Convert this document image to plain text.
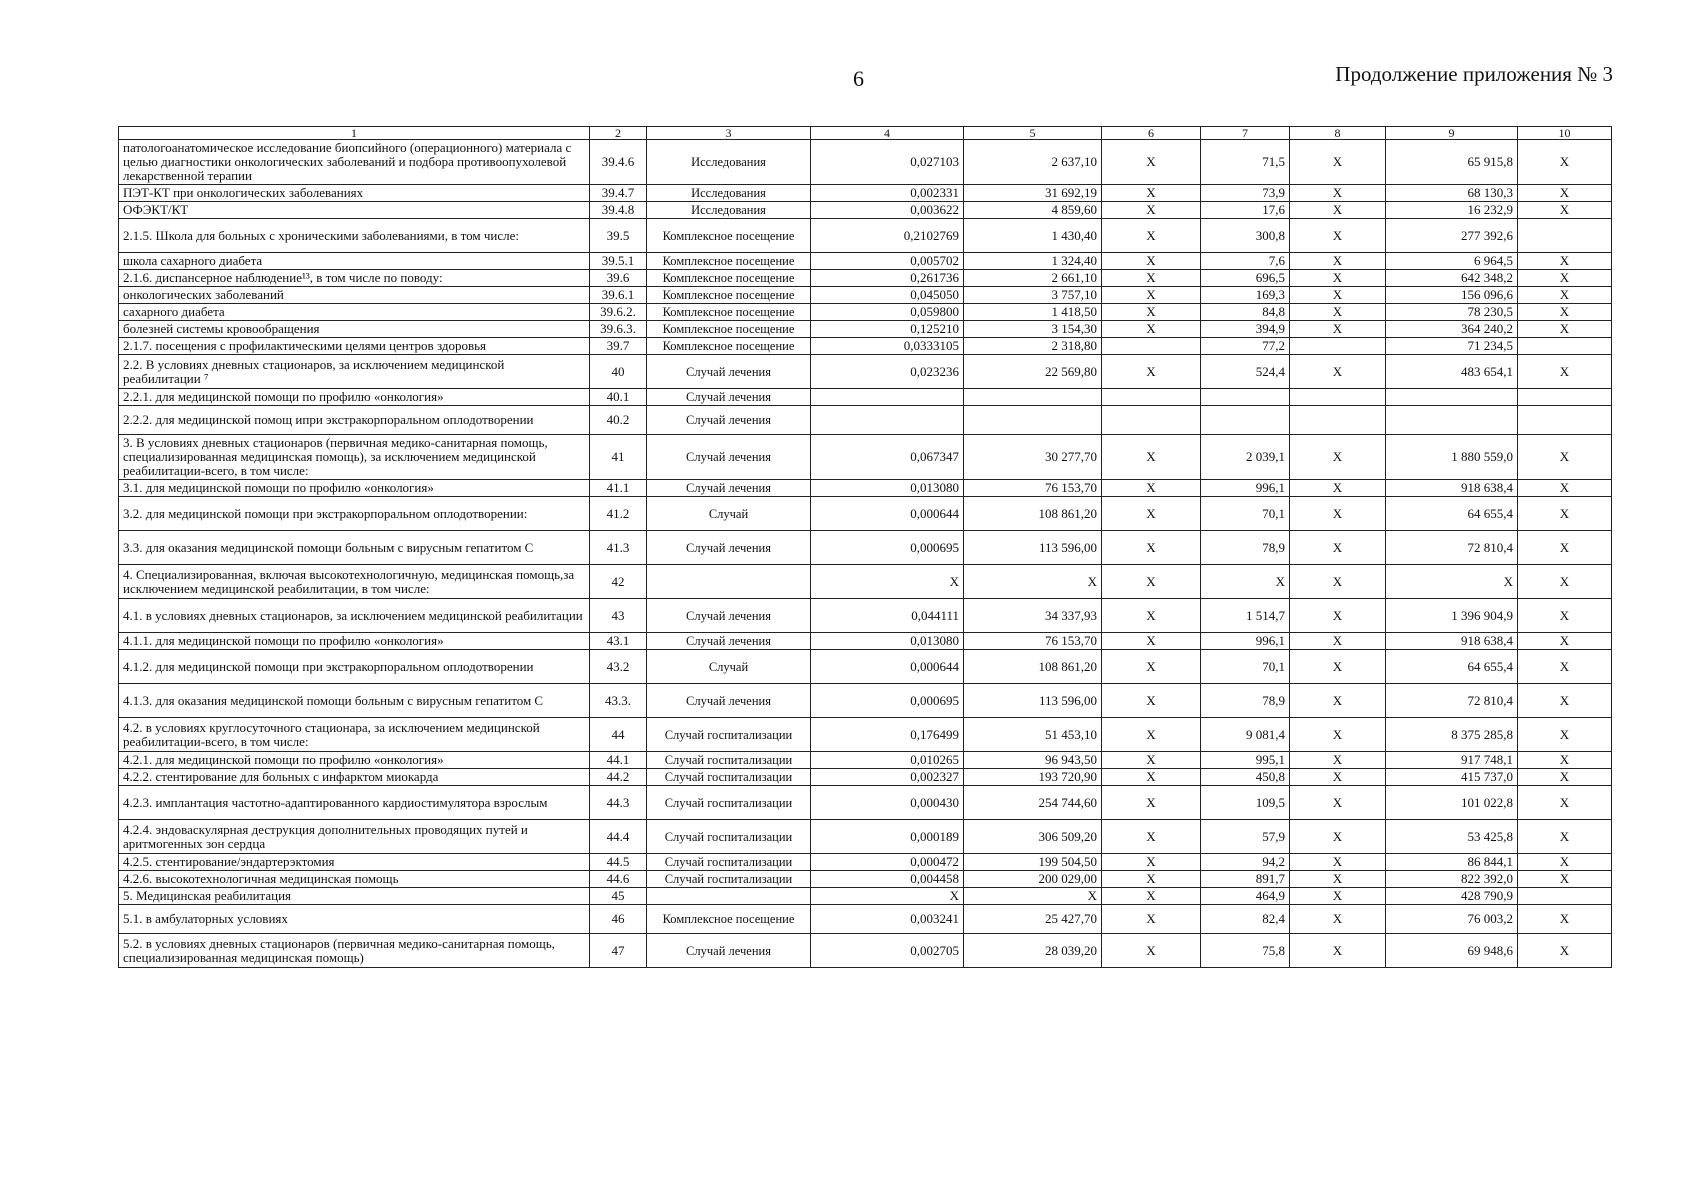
6	Продолжение приложения № 3
1	2	3	4	5	6	7	8	9	10
патологоанатомическое исследование биопсийного (операционного) материала с целью диагностики онкологических заболеваний и подбора противоопухолевой лекарственной терапии	39.4.6	Исследования	0,027103	2 637,10	X	71,5	X	65 915,8	X
ПЭТ-КТ при онкологических заболеваниях	39.4.7	Исследования	0,002331	31 692,19	X	73,9	X	68 130,3	X
ОФЭКТ/КТ	39.4.8	Исследования	0,003622	4 859,60	X	17,6	X	16 232,9	X
2.1.5. Школа для больных с хроническими заболеваниями, в том числе:	39.5	Комплексное посещение	0,2102769	1 430,40	X	300,8	X	277 392,6	
школа сахарного диабета	39.5.1	Комплексное посещение	0,005702	1 324,40	X	7,6	X	6 964,5	X
2.1.6. диспансерное наблюдение¹³, в том числе по поводу:	39.6	Комплексное посещение	0,261736	2 661,10	X	696,5	X	642 348,2	X
онкологических заболеваний	39.6.1	Комплексное посещение	0,045050	3 757,10	X	169,3	X	156 096,6	X
сахарного диабета	39.6.2.	Комплексное посещение	0,059800	1 418,50	X	84,8	X	78 230,5	X
болезней системы кровообращения	39.6.3.	Комплексное посещение	0,125210	3 154,30	X	394,9	X	364 240,2	X
2.1.7. посещения с профилактическими целями центров здоровья	39.7	Комплексное посещение	0,0333105	2 318,80		77,2		71 234,5	
2.2. В условиях дневных стационаров, за исключением медицинской реабилитации ⁷	40	Случай лечения	0,023236	22 569,80	X	524,4	X	483 654,1	X
2.2.1. для медицинской помощи по профилю «онкология»	40.1	Случай лечения							
2.2.2. для медицинской помощ ипри экстракорпоральном оплодотворении	40.2	Случай лечения							
3. В условиях дневных стационаров (первичная медико-санитарная помощь, специализированная медицинская помощь), за исключением медицинской реабилитации-всего, в том числе:	41	Случай лечения	0,067347	30 277,70	X	2 039,1	X	1 880 559,0	X
3.1. для медицинской помощи по профилю «онкология»	41.1	Случай лечения	0,013080	76 153,70	X	996,1	X	918 638,4	X
3.2. для медицинской помощи при экстракорпоральном оплодотворении:	41.2	Случай	0,000644	108 861,20	X	70,1	X	64 655,4	X
3.3. для оказания медицинской помощи больным с вирусным гепатитом С	41.3	Случай лечения	0,000695	113 596,00	X	78,9	X	72 810,4	X
4. Специализированная, включая высокотехнологичную, медицинская помощь,за исключением медицинской реабилитации, в том числе:	42		X	X	X	X	X	X	X
4.1. в условиях дневных стационаров, за исключением медицинской реабилитации	43	Случай лечения	0,044111	34 337,93	X	1 514,7	X	1 396 904,9	X
4.1.1. для медицинской помощи по профилю «онкология»	43.1	Случай лечения	0,013080	76 153,70	X	996,1	X	918 638,4	X
4.1.2. для медицинской помощи при экстракорпоральном оплодотворении	43.2	Случай	0,000644	108 861,20	X	70,1	X	64 655,4	X
4.1.3. для оказания медицинской помощи больным с вирусным гепатитом С	43.3.	Случай лечения	0,000695	113 596,00	X	78,9	X	72 810,4	X
4.2. в условиях круглосуточного стационара, за исключением медицинской реабилитации-всего, в том числе:	44	Случай госпитализации	0,176499	51 453,10	X	9 081,4	X	8 375 285,8	X
4.2.1. для медицинской помощи по профилю «онкология»	44.1	Случай госпитализации	0,010265	96 943,50	X	995,1	X	917 748,1	X
4.2.2. стентирование для больных с инфарктом миокарда	44.2	Случай госпитализации	0,002327	193 720,90	X	450,8	X	415 737,0	X
4.2.3. имплантация частотно-адаптированного кардиостимулятора взрослым	44.3	Случай госпитализации	0,000430	254 744,60	X	109,5	X	101 022,8	X
4.2.4. эндоваскулярная деструкция дополнительных проводящих путей и аритмогенных зон сердца	44.4	Случай госпитализации	0,000189	306 509,20	X	57,9	X	53 425,8	X
4.2.5. стентирование/эндартерэктомия	44.5	Случай госпитализации	0,000472	199 504,50	X	94,2	X	86 844,1	X
4.2.6. высокотехнологичная медицинская помощь	44.6	Случай госпитализации	0,004458	200 029,00	X	891,7	X	822 392,0	X
5. Медицинская реабилитация	45		X	X	X	464,9	X	428 790,9	
5.1. в амбулаторных условиях	46	Комплексное посещение	0,003241	25 427,70	X	82,4	X	76 003,2	X
5.2. в условиях дневных стационаров (первичная медико-санитарная помощь, специализированная медицинская помощь)	47	Случай лечения	0,002705	28 039,20	X	75,8	X	69 948,6	X
